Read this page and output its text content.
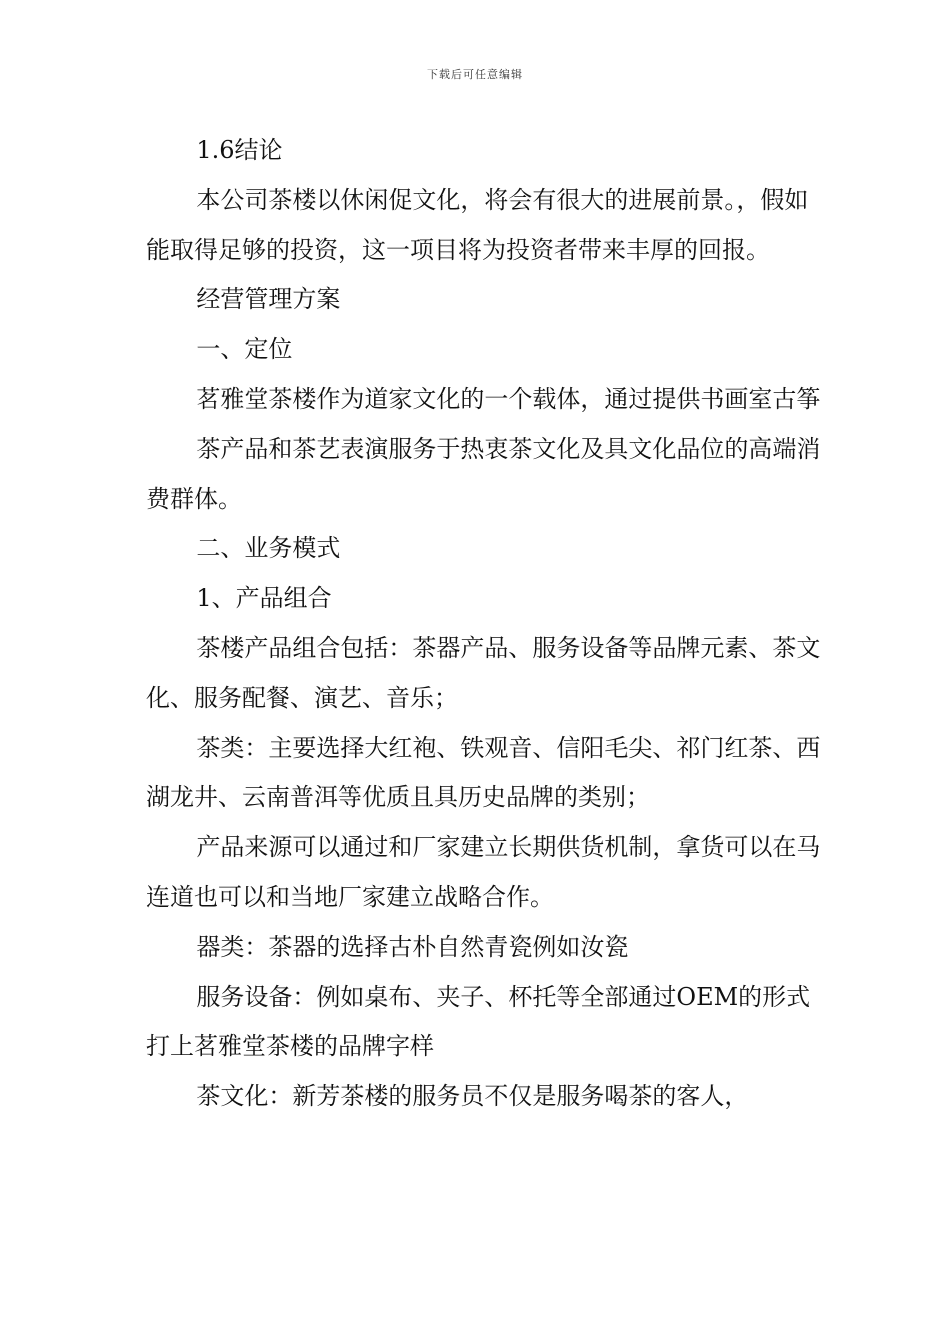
下载后可任意编辑

1.6结论

本公司茶楼以休闲促文化，将会有很大的进展前景。，假如能取得足够的投资，这一项目将为投资者带来丰厚的回报。

经营管理方案

一、定位

茗雅堂茶楼作为道家文化的一个载体，通过提供书画室古筝

茶产品和茶艺表演服务于热衷茶文化及具文化品位的高端消费群体。

二、业务模式

1、产品组合

茶楼产品组合包括：茶器产品、服务设备等品牌元素、茶文化、服务配餐、演艺、音乐；

茶类：主要选择大红袍、铁观音、信阳毛尖、祁门红茶、西湖龙井、云南普洱等优质且具历史品牌的类别；

产品来源可以通过和厂家建立长期供货机制，拿货可以在马连道也可以和当地厂家建立战略合作。

器类：茶器的选择古朴自然青瓷例如汝瓷

服务设备：例如桌布、夹子、杯托等全部通过OEM的形式打上茗雅堂茶楼的品牌字样

茶文化：新芳茶楼的服务员不仅是服务喝茶的客人，
